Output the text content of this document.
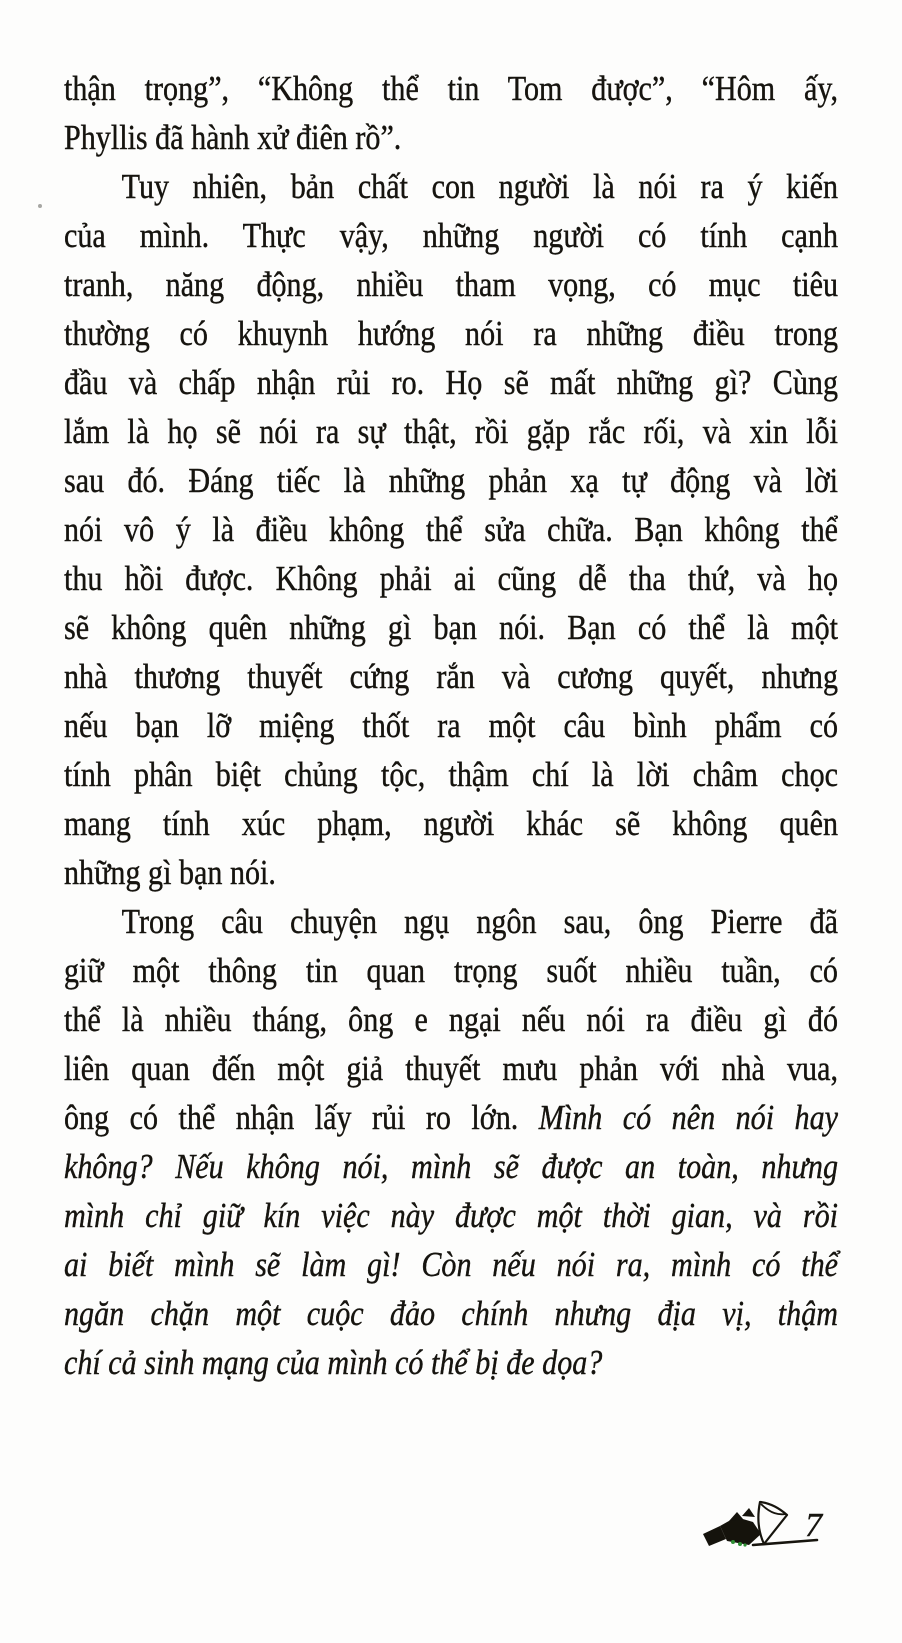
thận trọng”, “Không thể tin Tom được”, “Hôm ấy,
Phyllis đã hành xử điên rồ”.
Tuy nhiên, bản chất con người là nói ra ý kiến
của mình. Thực vậy, những người có tính cạnh
tranh, năng động, nhiều tham vọng, có mục tiêu
thường có khuynh hướng nói ra những điều trong
đầu và chấp nhận rủi ro. Họ sẽ mất những gì? Cùng
lắm là họ sẽ nói ra sự thật, rồi gặp rắc rối, và xin lỗi
sau đó. Đáng tiếc là những phản xạ tự động và lời
nói vô ý là điều không thể sửa chữa. Bạn không thể
thu hồi được. Không phải ai cũng dễ tha thứ, và họ
sẽ không quên những gì bạn nói. Bạn có thể là một
nhà thương thuyết cứng rắn và cương quyết, nhưng
nếu bạn lỡ miệng thốt ra một câu bình phẩm có
tính phân biệt chủng tộc, thậm chí là lời châm chọc
mang tính xúc phạm, người khác sẽ không quên
những gì bạn nói.
Trong câu chuyện ngụ ngôn sau, ông Pierre đã
giữ một thông tin quan trọng suốt nhiều tuần, có
thể là nhiều tháng, ông e ngại nếu nói ra điều gì đó
liên quan đến một giả thuyết mưu phản với nhà vua,
ông có thể nhận lấy rủi ro lớn. Mình có nên nói hay
không? Nếu không nói, mình sẽ được an toàn, nhưng
mình chỉ giữ kín việc này được một thời gian, và rồi
ai biết mình sẽ làm gì! Còn nếu nói ra, mình có thể
ngăn chặn một cuộc đảo chính nhưng địa vị, thậm
chí cả sinh mạng của mình có thể bị đe dọa?
7
